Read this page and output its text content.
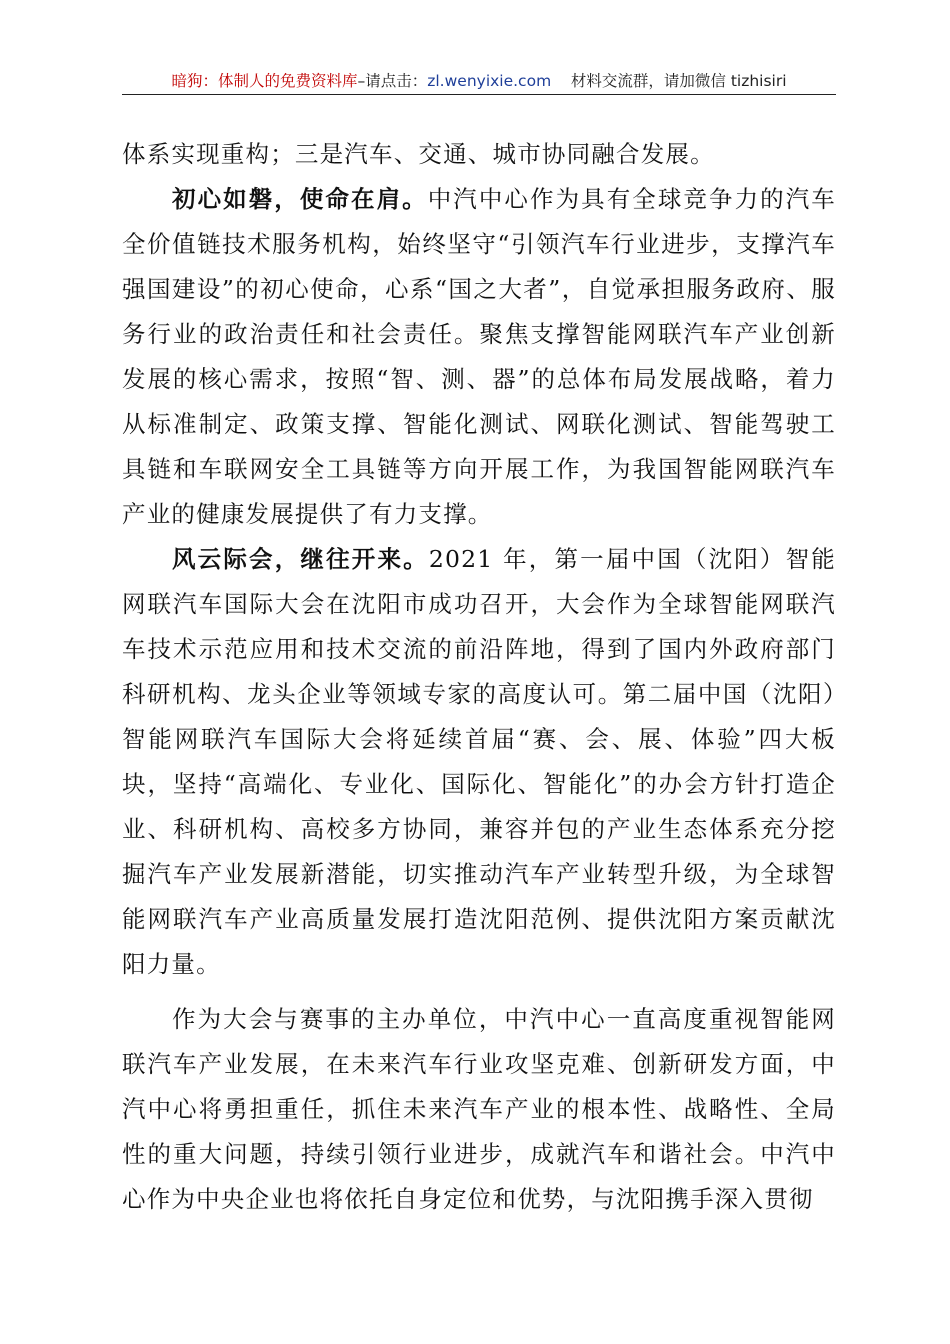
暗狗：体制人的免费资料库–请点击：zl.wenyixie.com 材料交流群，请加微信 tizhisiri

体系实现重构；三是汽车、交通、城市协同融合发展。

初心如磐，使命在肩。中汽中心作为具有全球竞争力的汽车全价值链技术服务机构，始终坚守“引领汽车行业进步，支撑汽车强国建设”的初心使命，心系“国之大者”，自觉承担服务政府、服务行业的政治责任和社会责任。聚焦支撑智能网联汽车产业创新发展的核心需求，按照“智、测、器”的总体布局发展战略，着力从标准制定、政策支撑、智能化测试、网联化测试、智能驾驶工具链和车联网安全工具链等方向开展工作，为我国智能网联汽车产业的健康发展提供了有力支撑。

风云际会，继往开来。2021 年，第一届中国（沈阳）智能网联汽车国际大会在沈阳市成功召开，大会作为全球智能网联汽车技术示范应用和技术交流的前沿阵地，得到了国内外政府部门科研机构、龙头企业等领域专家的高度认可。第二届中国（沈阳）智能网联汽车国际大会将延续首届“赛、会、展、体验”四大板块，坚持“高端化、专业化、国际化、智能化”的办会方针打造企业、科研机构、高校多方协同，兼容并包的产业生态体系充分挖掘汽车产业发展新潜能，切实推动汽车产业转型升级，为全球智能网联汽车产业高质量发展打造沈阳范例、提供沈阳方案贡献沈阳力量。

作为大会与赛事的主办单位，中汽中心一直高度重视智能网联汽车产业发展，在未来汽车行业攻坚克难、创新研发方面，中汽中心将勇担重任，抓住未来汽车产业的根本性、战略性、全局性的重大问题，持续引领行业进步，成就汽车和谐社会。中汽中心作为中央企业也将依托自身定位和优势，与沈阳携手深入贯彻
